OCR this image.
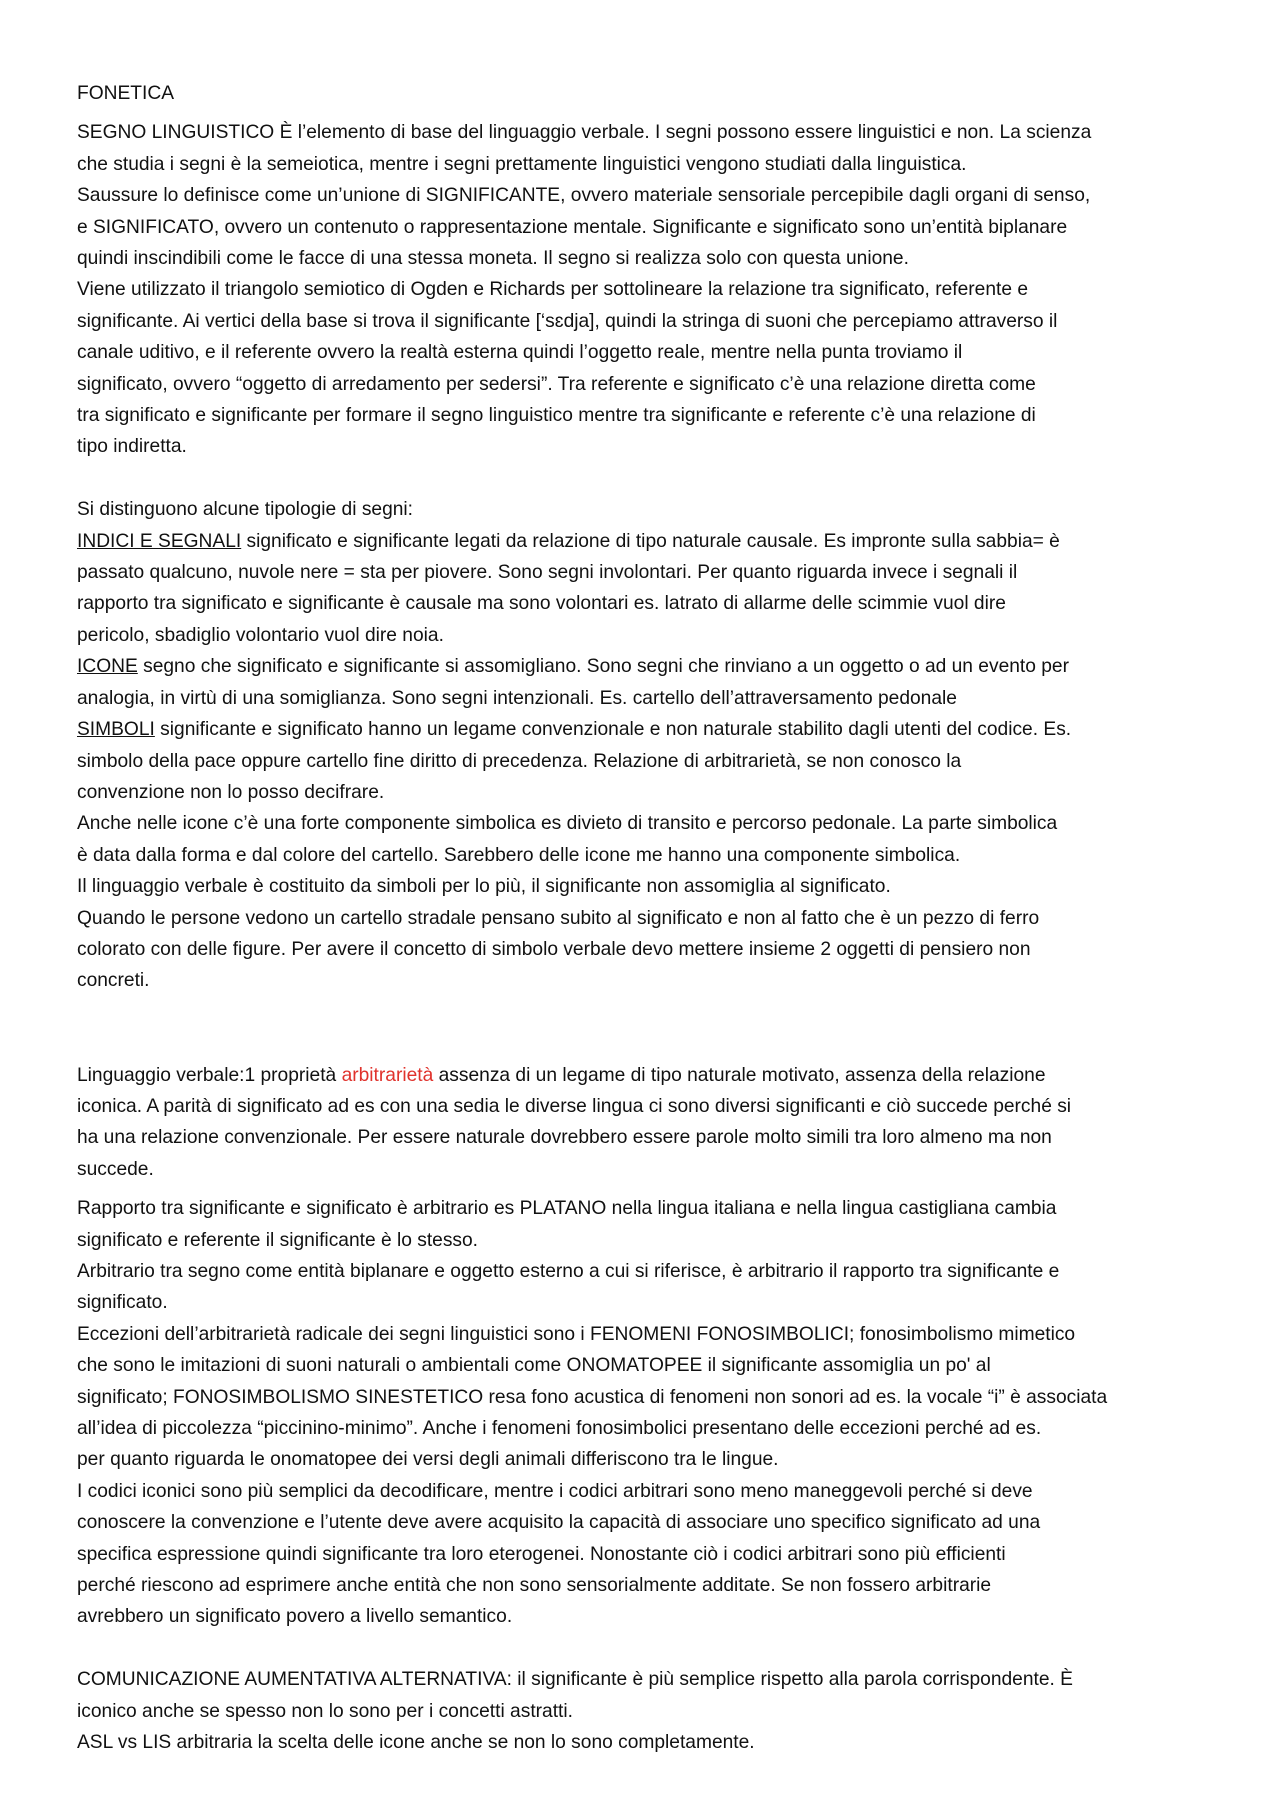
FONETICA
SEGNO LINGUISTICO È l’elemento di base del linguaggio verbale. I segni possono essere linguistici e non. La scienza
che studia i segni è la semeiotica, mentre i segni prettamente linguistici vengono studiati dalla linguistica.
Saussure lo definisce come un’unione di SIGNIFICANTE, ovvero materiale sensoriale percepibile dagli organi di senso,
e SIGNIFICATO, ovvero un contenuto o rappresentazione mentale. Significante e significato sono un’entità biplanare
quindi inscindibili come le facce di una stessa moneta. Il segno si realizza solo con questa unione.
Viene utilizzato il triangolo semiotico di Ogden e Richards per sottolineare la relazione tra significato, referente e
significante. Ai vertici della base si trova il significante [‘sɛdja], quindi la stringa di suoni che percepiamo attraverso il
canale uditivo, e il referente ovvero la realtà esterna quindi l’oggetto reale, mentre nella punta troviamo il
significato, ovvero “oggetto di arredamento per sedersi”. Tra referente e significato c’è una relazione diretta come
tra significato e significante per formare il segno linguistico mentre tra significante e referente c’è una relazione di
tipo indiretta.
Si distinguono alcune tipologie di segni:
INDICI E SEGNALI significato e significante legati da relazione di tipo naturale causale. Es impronte sulla sabbia= è
passato qualcuno, nuvole nere = sta per piovere. Sono segni involontari. Per quanto riguarda invece i segnali il
rapporto tra significato e significante è causale ma sono volontari es. latrato di allarme delle scimmie vuol dire
pericolo, sbadiglio volontario vuol dire noia.
ICONE segno che significato e significante si assomigliano. Sono segni che rinviano a un oggetto o ad un evento per
analogia, in virtù di una somiglianza. Sono segni intenzionali. Es. cartello dell’attraversamento pedonale
SIMBOLI significante e significato hanno un legame convenzionale e non naturale stabilito dagli utenti del codice. Es.
simbolo della pace oppure cartello fine diritto di precedenza. Relazione di arbitrarietà, se non conosco la
convenzione non lo posso decifrare.
Anche nelle icone c’è una forte componente simbolica es divieto di transito e percorso pedonale. La parte simbolica
è data dalla forma e dal colore del cartello. Sarebbero delle icone me hanno una componente simbolica.
Il linguaggio verbale è costituito da simboli per lo più, il significante non assomiglia al significato.
Quando le persone vedono un cartello stradale pensano subito al significato e non al fatto che è un pezzo di ferro
colorato con delle figure. Per avere il concetto di simbolo verbale devo mettere insieme 2 oggetti di pensiero non
concreti.
Linguaggio verbale:1 proprietà arbitrarietà assenza di un legame di tipo naturale motivato, assenza della relazione
iconica. A parità di significato ad es con una sedia le diverse lingua ci sono diversi significanti e ciò succede perché si
ha una relazione convenzionale. Per essere naturale dovrebbero essere parole molto simili tra loro almeno ma non
succede.
Rapporto tra significante e significato è arbitrario es PLATANO nella lingua italiana e nella lingua castigliana cambia
significato e referente il significante è lo stesso.
Arbitrario tra segno come entità biplanare e oggetto esterno a cui si riferisce, è arbitrario il rapporto tra significante e
significato.
Eccezioni dell’arbitrarietà radicale dei segni linguistici sono i FENOMENI FONOSIMBOLICI; fonosimbolismo mimetico
che sono le imitazioni di suoni naturali o ambientali come ONOMATOPEE il significante assomiglia un po' al
significato; FONOSIMBOLISMO SINESTETICO resa fono acustica di fenomeni non sonori ad es. la vocale “i” è associata
all’idea di piccolezza “piccinino-minimo”. Anche i fenomeni fonosimbolici presentano delle eccezioni perché ad es.
per quanto riguarda le onomatopee dei versi degli animali differiscono tra le lingue.
I codici iconici sono più semplici da decodificare, mentre i codici arbitrari sono meno maneggevoli perché si deve
conoscere la convenzione e l’utente deve avere acquisito la capacità di associare uno specifico significato ad una
specifica espressione quindi significante tra loro eterogenei. Nonostante ciò i codici arbitrari sono più efficienti
perché riescono ad esprimere anche entità che non sono sensorialmente additate. Se non fossero arbitrarie
avrebbero un significato povero a livello semantico.
COMUNICAZIONE AUMENTATIVA ALTERNATIVA: il significante è più semplice rispetto alla parola corrispondente. È
iconico anche se spesso non lo sono per i concetti astratti.
ASL vs LIS arbitraria la scelta delle icone anche se non lo sono completamente.
